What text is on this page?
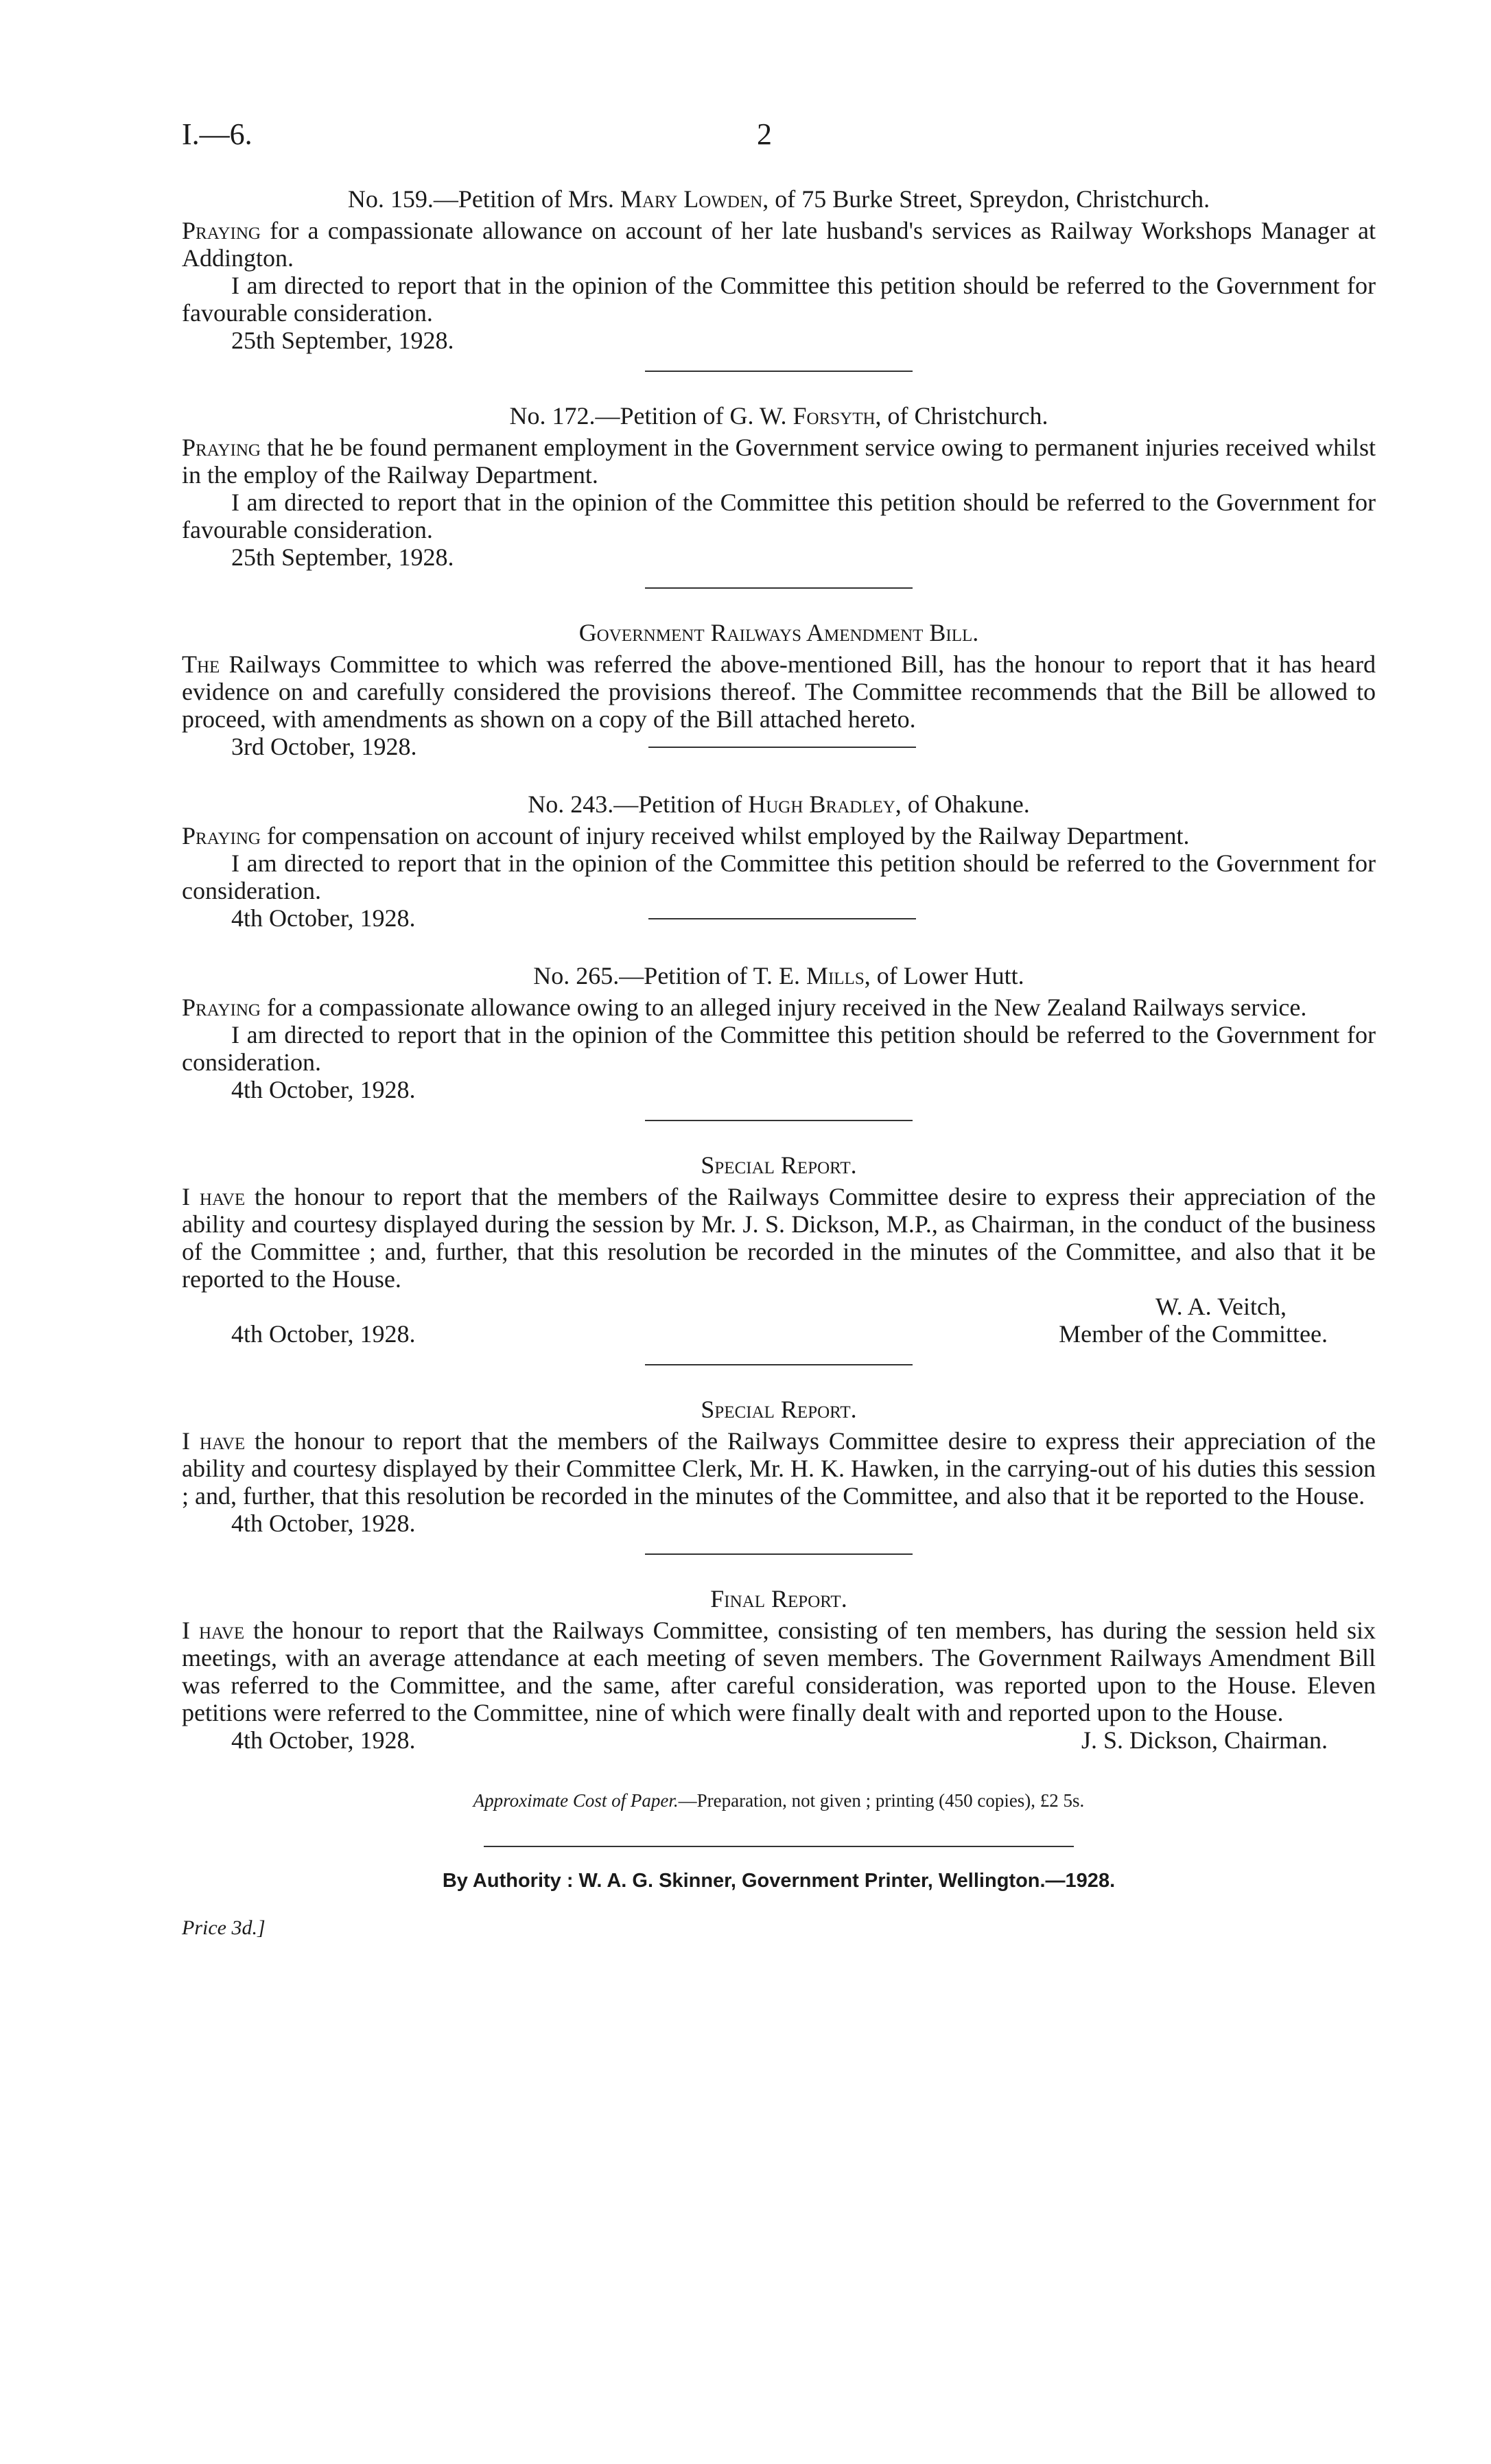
I.—6.	2

No. 159.—Petition of Mrs. Mary Lowden, of 75 Burke Street, Spreydon, Christchurch.

Praying for a compassionate allowance on account of her late husband's services as Railway Workshops Manager at Addington.

I am directed to report that in the opinion of the Committee this petition should be referred to the Government for favourable consideration.

25th September, 1928.

No. 172.—Petition of G. W. Forsyth, of Christchurch.

Praying that he be found permanent employment in the Government service owing to permanent injuries received whilst in the employ of the Railway Department.

I am directed to report that in the opinion of the Committee this petition should be referred to the Government for favourable consideration.

25th September, 1928.

Government Railways Amendment Bill.

The Railways Committee to which was referred the above-mentioned Bill, has the honour to report that it has heard evidence on and carefully considered the provisions thereof. The Committee recommends that the Bill be allowed to proceed, with amendments as shown on a copy of the Bill attached hereto.

3rd October, 1928.

No. 243.—Petition of Hugh Bradley, of Ohakune.

Praying for compensation on account of injury received whilst employed by the Railway Department.

I am directed to report that in the opinion of the Committee this petition should be referred to the Government for consideration.

4th October, 1928.

No. 265.—Petition of T. E. Mills, of Lower Hutt.

Praying for a compassionate allowance owing to an alleged injury received in the New Zealand Railways service.

I am directed to report that in the opinion of the Committee this petition should be referred to the Government for consideration.

4th October, 1928.

Special Report.

I have the honour to report that the members of the Railways Committee desire to express their appreciation of the ability and courtesy displayed during the session by Mr. J. S. Dickson, M.P., as Chairman, in the conduct of the business of the Committee ; and, further, that this resolution be recorded in the minutes of the Committee, and also that it be reported to the House.

W. A. Veitch,

4th October, 1928.	Member of the Committee.

Special Report.

I have the honour to report that the members of the Railways Committee desire to express their appreciation of the ability and courtesy displayed by their Committee Clerk, Mr. H. K. Hawken, in the carrying-out of his duties this session ; and, further, that this resolution be recorded in the minutes of the Committee, and also that it be reported to the House.

4th October, 1928.

Final Report.

I have the honour to report that the Railways Committee, consisting of ten members, has during the session held six meetings, with an average attendance at each meeting of seven members. The Government Railways Amendment Bill was referred to the Committee, and the same, after careful consideration, was reported upon to the House. Eleven petitions were referred to the Committee, nine of which were finally dealt with and reported upon to the House.

4th October, 1928.	J. S. Dickson, Chairman.

Approximate Cost of Paper.—Preparation, not given ; printing (450 copies), £2 5s.

By Authority : W. A. G. Skinner, Government Printer, Wellington.—1928.

Price 3d.]
